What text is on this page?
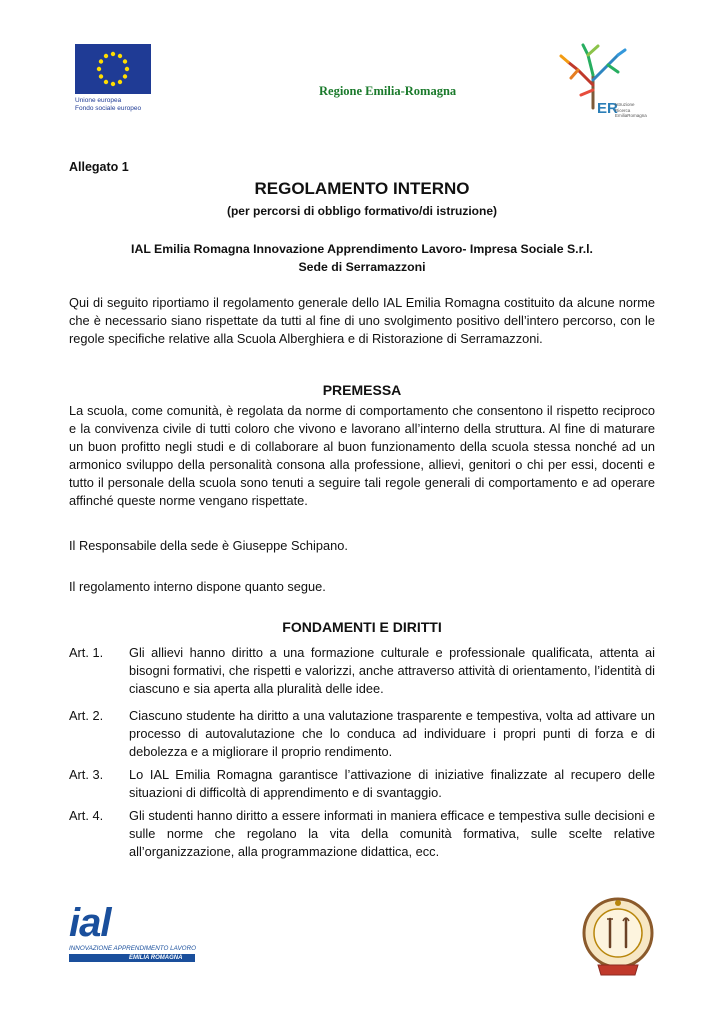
Unione europea
Fondo sociale europeo
Regione Emilia-Romagna
ER
Istruzione
Ricerca
EmiliaRomagna
Allegato 1
REGOLAMENTO INTERNO
(per percorsi di obbligo formativo/di istruzione)
IAL Emilia Romagna Innovazione Apprendimento Lavoro- Impresa Sociale S.r.l.
Sede di Serramazzoni

Qui di seguito riportiamo il regolamento generale dello IAL Emilia Romagna costituito da alcune norme che è necessario siano rispettate da tutti al fine di uno svolgimento positivo dell’intero percorso, con le regole specifiche relative alla Scuola Alberghiera e di Ristorazione di Serramazzoni.

PREMESSA

La scuola, come comunità, è regolata da norme di comportamento che consentono il rispetto reciproco e la convivenza civile di tutti coloro che vivono e lavorano all’interno della struttura. Al fine di maturare un buon profitto negli studi e di collaborare al buon funzionamento della scuola stessa nonché ad un armonico sviluppo della personalità consona alla professione, allievi, genitori o chi per essi, docenti e tutto il personale della scuola sono tenuti a seguire tali regole generali di comportamento e ad operare affinché queste norme vengano rispettate.

Il Responsabile della sede è Giuseppe Schipano.

Il regolamento interno dispone quanto segue.

FONDAMENTI E DIRITTI
Art. 1.	Gli allievi hanno diritto a una formazione culturale e professionale qualificata, attenta ai bisogni formativi, che rispetti e valorizzi, anche attraverso attività di orientamento, l’identità di ciascuno e sia aperta alla pluralità delle idee.
Art. 2.	Ciascuno studente ha diritto a una valutazione trasparente e tempestiva, volta ad attivare un processo di autovalutazione che lo conduca ad individuare i propri punti di forza e di debolezza e a migliorare il proprio rendimento.
Art. 3.	Lo IAL Emilia Romagna garantisce l’attivazione di iniziative finalizzate al recupero delle situazioni di difficoltà di apprendimento e di svantaggio.
Art. 4.	Gli studenti hanno diritto a essere informati in maniera efficace e tempestiva sulle decisioni e sulle norme che regolano la vita della comunità formativa, sulle scelte relative all’organizzazione, alla programmazione didattica, ecc.
ial
INNOVAZIONE APPRENDIMENTO LAVORO
EMILIA ROMAGNA
